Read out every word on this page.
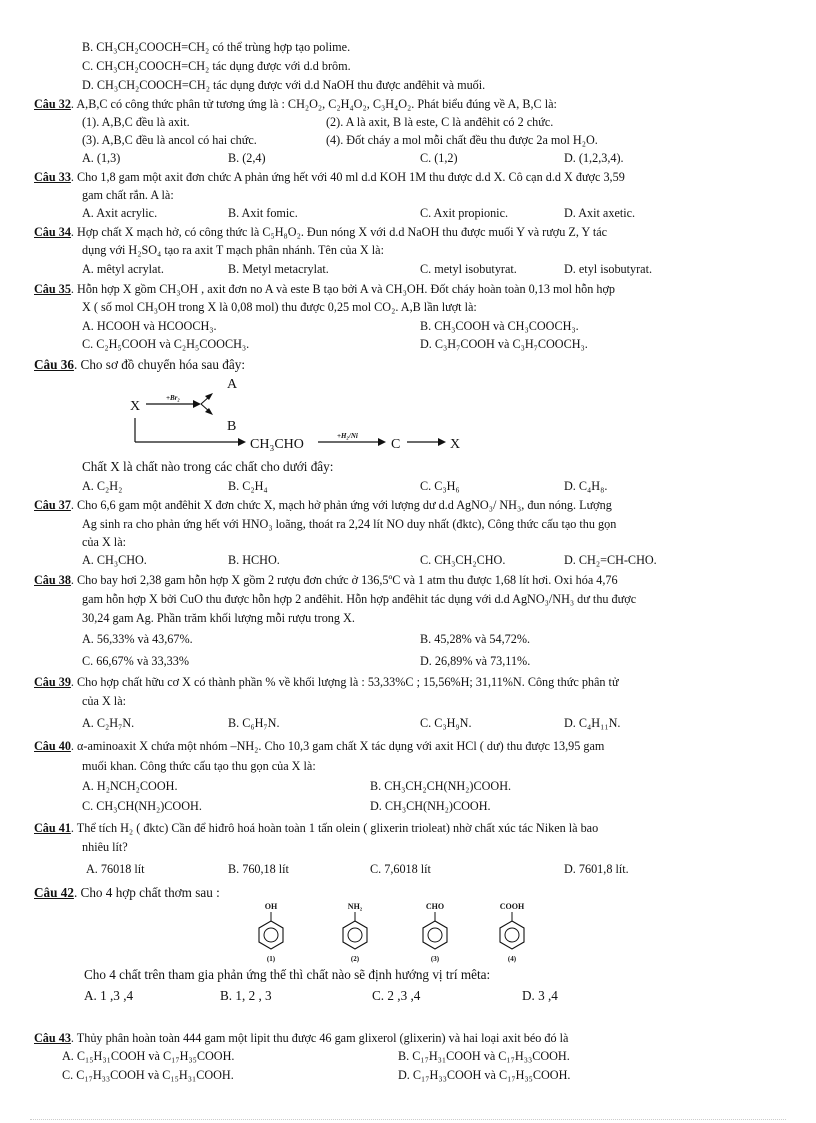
B. CH₃CH₂COOCH=CH₂ có thể trùng hợp tạo polime.
C. CH₃CH₂COOCH=CH₂ tác dụng được với d.d brôm.
D. CH₃CH₂COOCH=CH₂ tác dụng được với d.d NaOH thu được anđêhit và muối.
Câu 32. A,B,C có công thức phân tử tương ứng là : CH₂O₂, C₂H₄O₂, C₃H₄O₂. Phát biểu đúng về A, B,C là:
(1). A,B,C đều là axit.	(2). A là axit, B là este, C là anđêhit có 2 chức.
(3). A,B,C đều là ancol có hai chức.	(4). Đốt cháy a mol mỗi chất đều thu được 2a mol H₂O.
A. (1,3)	B. (2,4)	C. (1,2)	D. (1,2,3,4).
Câu 33. Cho 1,8 gam một axit đơn chức A phản ứng hết với 40 ml d.d KOH 1M thu được d.d X. Cô cạn d.d X được 3,59
gam chất rắn. A là:
A. Axit acrylic.	B. Axit fomic.	C. Axit propionic.	D. Axit axetic.
Câu 34. Hợp chất X mạch hở, có công thức là C₅H₈O₂. Đun nóng X với d.d NaOH thu được muối Y và rượu Z, Y tác
dụng với H₂SO₄ tạo ra axit T mạch phân nhánh. Tên của X là:
A. mêtyl acrylat.	B. Metyl metacrylat.	C. metyl isobutyrat.	D. etyl isobutyrat.
Câu 35. Hỗn hợp X gồm CH₃OH , axit đơn no A và este B tạo bởi A và CH₃OH. Đốt cháy hoàn toàn 0,13 mol hỗn hợp
X ( số mol CH₃OH trong X là 0,08 mol) thu được 0,25 mol CO₂. A,B lần lượt là:
A. HCOOH và HCOOCH₃.	B. CH₃COOH và CH₃COOCH₃.
C. C₂H₅COOH và C₂H₅COOCH₃.	D. C₃H₇COOH và C₃H₇COOCH₃.
Câu 36. Cho sơ đồ chuyển hóa sau đây:
X
+Br₂
A
B
CH₃CHO
+H₂/Ni
C	X
Chất X là chất nào trong các chất cho dưới đây:
A. C₂H₂	B. C₂H₄	C. C₃H₆	D. C₄H₈.
Câu 37. Cho 6,6 gam một anđêhit X đơn chức X, mạch hở phản ứng với lượng dư d.d AgNO₃/ NH₃, đun nóng. Lượng
Ag sinh ra cho phản ứng hết với HNO₃ loãng, thoát ra 2,24 lít NO duy nhất (đktc), Công thức cấu tạo thu gọn
của X là:
A. CH₃CHO.	B. HCHO.	C. CH₃CH₂CHO.	D. CH₂=CH-CHO.
Câu 38. Cho bay hơi 2,38 gam hỗn hợp X gồm 2 rượu đơn chức ở 136,5ºC và 1 atm thu được 1,68 lít hơi. Oxi hóa 4,76
gam hỗn hợp X bởi CuO thu được hỗn hợp 2 anđêhit. Hỗn hợp anđêhit tác dụng với d.d AgNO₃/NH₃ dư thu được
30,24 gam Ag. Phần trăm khối lượng mỗi rượu trong X.
A. 56,33% và 43,67%.	B. 45,28% và 54,72%.
C. 66,67% và 33,33%	D. 26,89% và 73,11%.
Câu 39. Cho hợp chất hữu cơ X có thành phần % về khối lượng là : 53,33%C ; 15,56%H; 31,11%N. Công thức phân tử
của X là:
A. C₂H₇N.	B. C₆H₇N.	C. C₃H₉N.	D. C₄H₁₁N.
Câu 40. α-aminoaxit X chứa một nhóm –NH₂. Cho 10,3 gam chất X tác dụng với axit HCl ( dư) thu được 13,95 gam
muối khan. Công thức cấu tạo thu gọn của X là:
A. H₂NCH₂COOH.	B. CH₃CH₂CH(NH₂)COOH.
C. CH₃CH(NH₂)COOH.	D. CH₃CH(NH₂)COOH.
Câu 41. Thể tích H₂ ( đktc) Cần để hiđrô hoá hoàn toàn 1 tấn olein ( glixerin trioleat) nhờ chất xúc tác Niken là bao
nhiêu lít?
A. 76018 lít	B. 760,18 lít	C. 7,6018 lít	D. 7601,8 lít.
Câu 42. Cho 4 hợp chất thơm sau :
OH
(1)
NH₂
(2)
CHO
(3)
COOH
(4)
Cho 4 chất trên tham gia phản ứng thế thì chất nào sẽ định hướng vị trí mêta:
A. 1 ,3 ,4	B. 1, 2 , 3	C. 2 ,3 ,4	D. 3 ,4
Câu 43. Thủy phân hoàn toàn 444 gam một lipit thu được 46 gam glixerol (glixerin) và hai loại axit béo đó là
A. C₁₅H₃₁COOH và C₁₇H₃₅COOH.	B. C₁₇H₃₁COOH và C₁₇H₃₃COOH.
C. C₁₇H₃₃COOH và C₁₅H₃₁COOH.	D. C₁₇H₃₃COOH và C₁₇H₃₅COOH.
